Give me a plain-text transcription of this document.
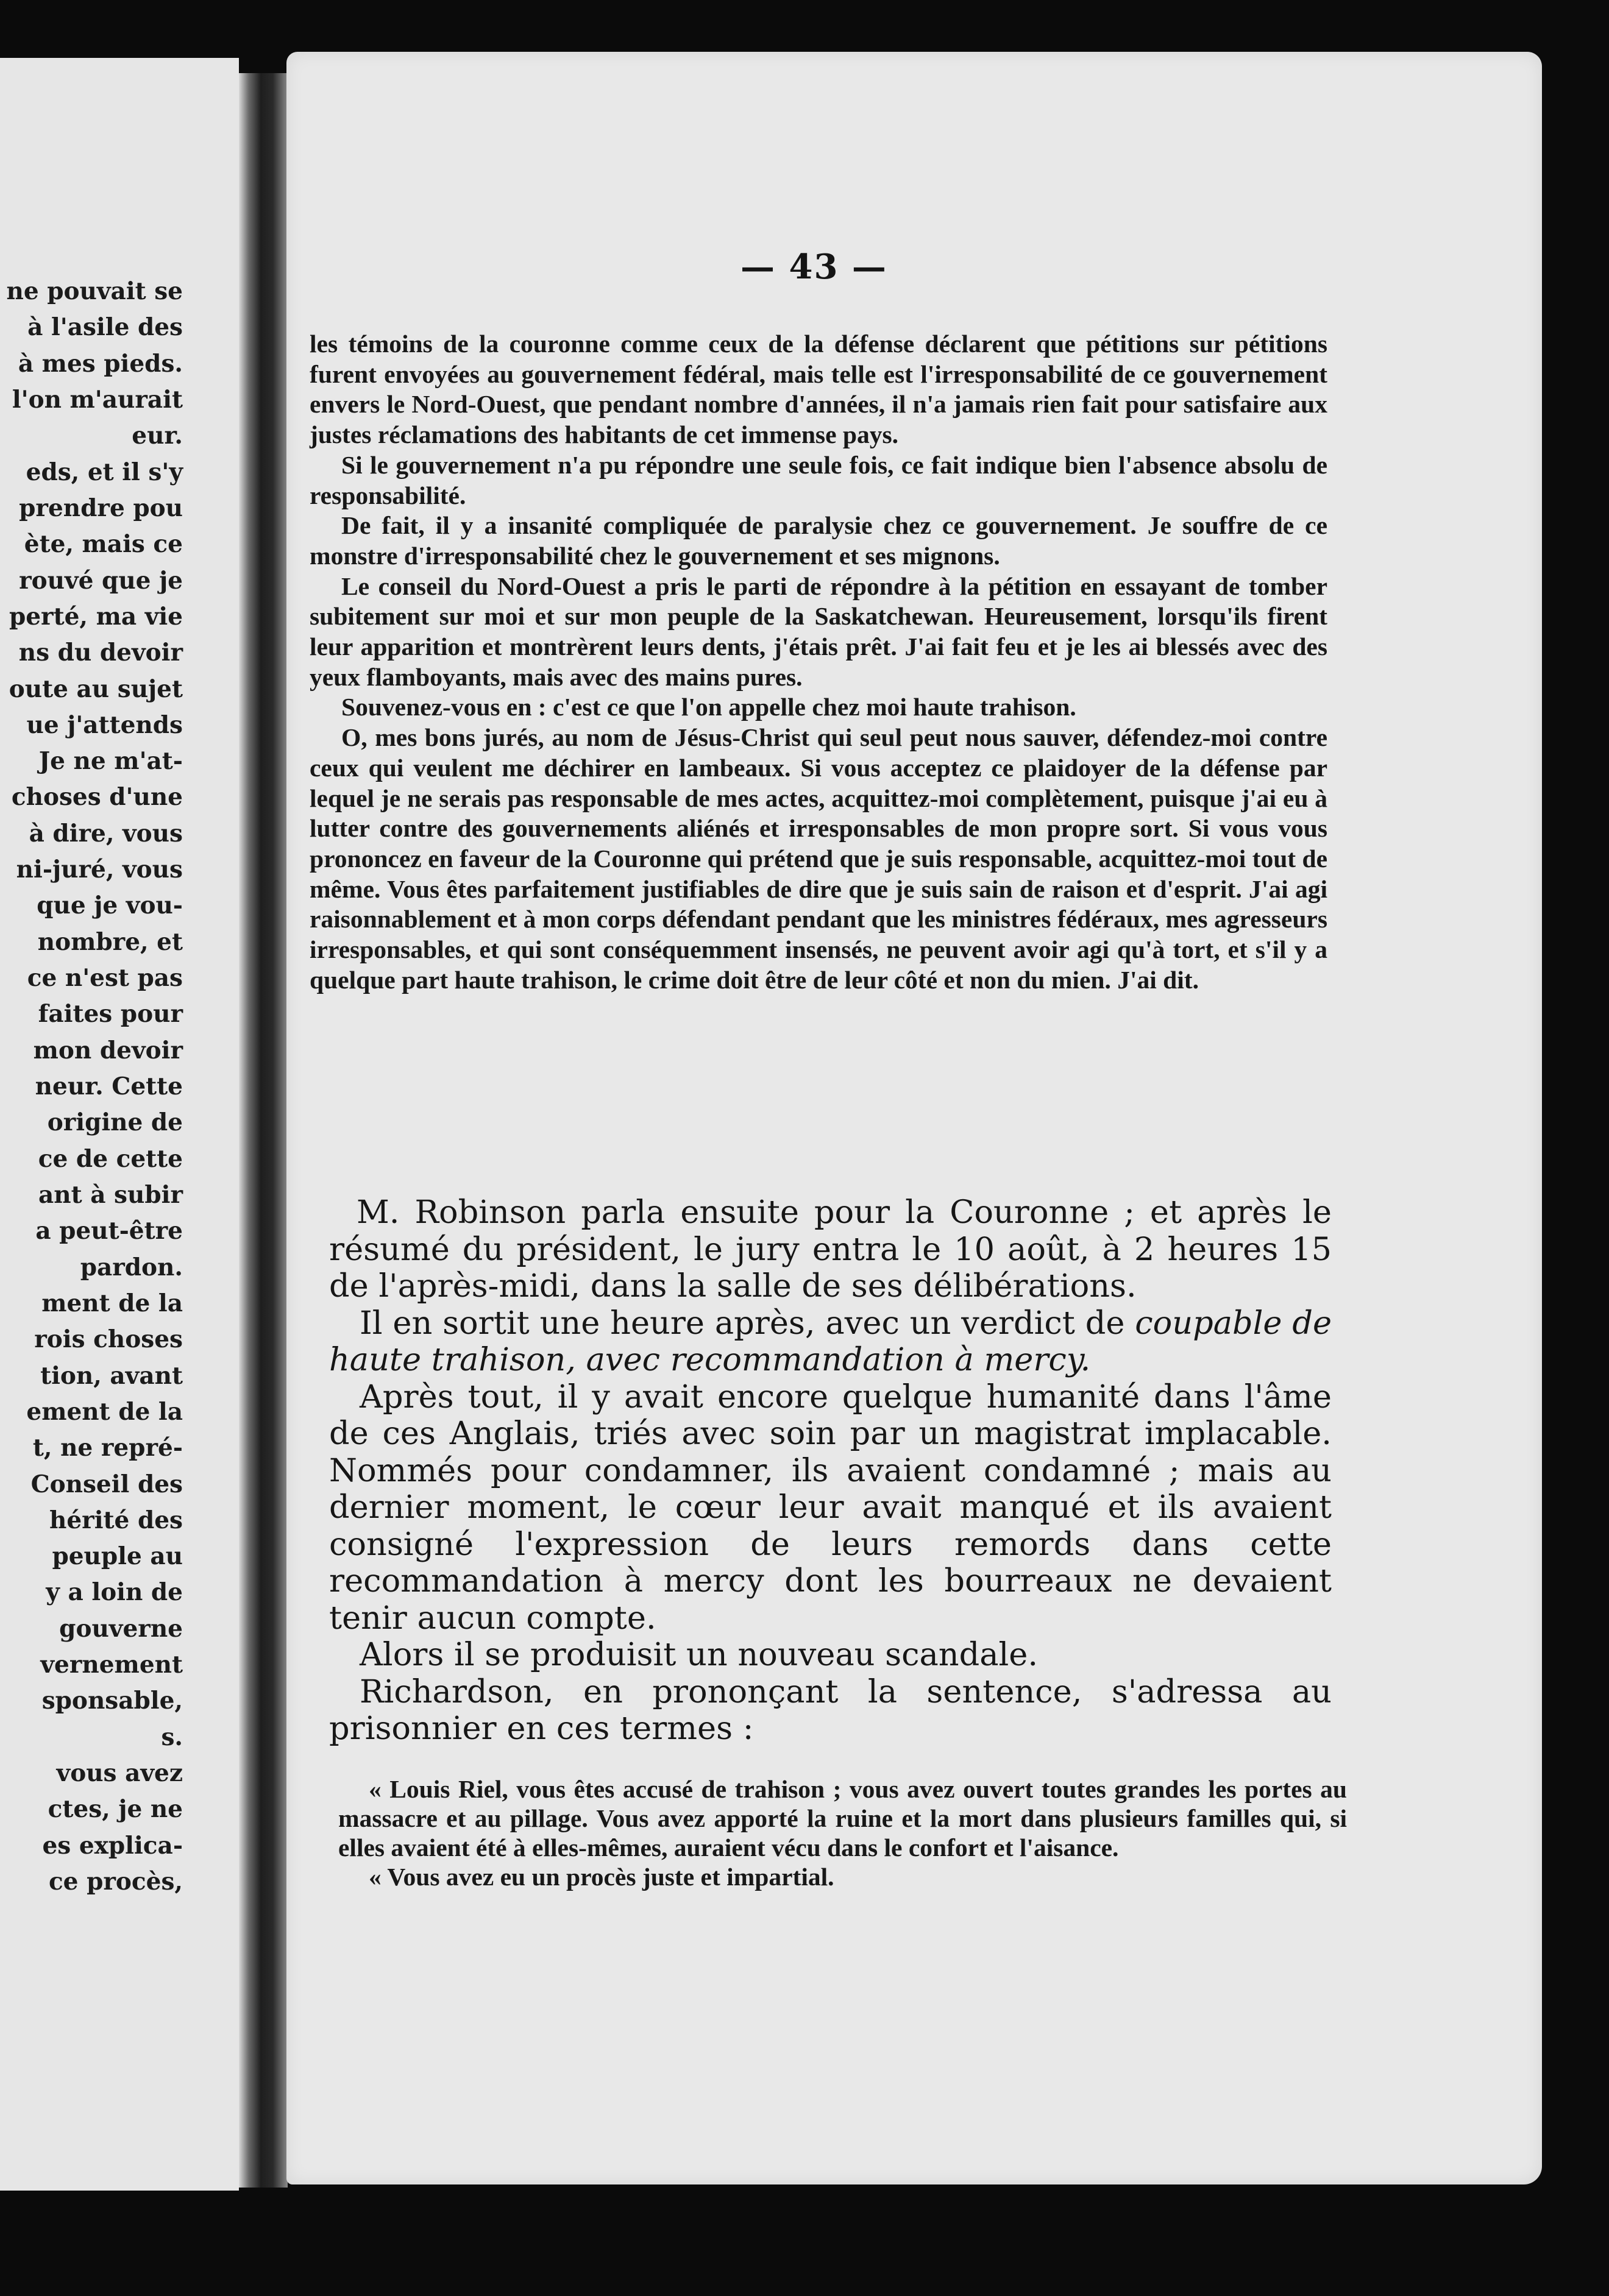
ne pouvait se
à l'asile des
à mes pieds.
l'on m'aurait
eur.
eds, et il s'y
prendre pou
ète, mais ce
rouvé que je
perté, ma vie
ns du devoir
oute au sujet
ue j'attends
Je ne m'at-
choses d'une
à dire, vous
ni-juré, vous
que je vou-
nombre, et
ce n'est pas
faites pour
mon devoir
neur. Cette
origine de
ce de cette
ant à subir
a peut-être
pardon.
ment de la
rois choses
tion, avant
ement de la
t, ne repré-
Conseil des
hérité des
peuple au
y a loin de
gouverne
vernement
sponsable,
s.
vous avez
ctes, je ne
es explica-
ce procès,
— 43 —

les témoins de la couronne comme ceux de la défense déclarent que pétitions sur pétitions furent envoyées au gouvernement fédéral, mais telle est l'irresponsabilité de ce gouvernement envers le Nord-Ouest, que pendant nombre d'années, il n'a jamais rien fait pour satisfaire aux justes réclamations des habitants de cet immense pays.

Si le gouvernement n'a pu répondre une seule fois, ce fait indique bien l'absence absolu de responsabilité.

De fait, il y a insanité compliquée de paralysie chez ce gouvernement. Je souffre de ce monstre d'irresponsabilité chez le gouvernement et ses mignons.

Le conseil du Nord-Ouest a pris le parti de répondre à la pétition en essayant de tomber subitement sur moi et sur mon peuple de la Saskatchewan. Heureusement, lorsqu'ils firent leur apparition et montrèrent leurs dents, j'étais prêt. J'ai fait feu et je les ai blessés avec des yeux flamboyants, mais avec des mains pures.

Souvenez-vous en : c'est ce que l'on appelle chez moi haute trahison.

O, mes bons jurés, au nom de Jésus-Christ qui seul peut nous sauver, défendez-moi contre ceux qui veulent me déchirer en lambeaux. Si vous acceptez ce plaidoyer de la défense par lequel je ne serais pas responsable de mes actes, acquittez-moi complètement, puisque j'ai eu à lutter contre des gouvernements aliénés et irresponsables de mon propre sort. Si vous vous prononcez en faveur de la Couronne qui prétend que je suis responsable, acquittez-moi tout de même. Vous êtes parfaitement justifiables de dire que je suis sain de raison et d'esprit. J'ai agi raisonnablement et à mon corps défendant pendant que les ministres fédéraux, mes agresseurs irresponsables, et qui sont conséquemment insensés, ne peuvent avoir agi qu'à tort, et s'il y a quelque part haute trahison, le crime doit être de leur côté et non du mien. J'ai dit.

M. Robinson parla ensuite pour la Couronne ; et après le résumé du président, le jury entra le 10 août, à 2 heures 15 de l'après-midi, dans la salle de ses délibérations.

Il en sortit une heure après, avec un verdict de coupable de haute trahison, avec recommandation à mercy.

Après tout, il y avait encore quelque humanité dans l'âme de ces Anglais, triés avec soin par un magistrat implacable. Nommés pour condamner, ils avaient condamné ; mais au dernier moment, le cœur leur avait manqué et ils avaient consigné l'expression de leurs remords dans cette recommandation à mercy dont les bourreaux ne devaient tenir aucun compte.

Alors il se produisit un nouveau scandale.

Richardson, en prononçant la sentence, s'adressa au prisonnier en ces termes :

« Louis Riel, vous êtes accusé de trahison ; vous avez ouvert toutes grandes les portes au massacre et au pillage. Vous avez apporté la ruine et la mort dans plusieurs familles qui, si elles avaient été à elles-mêmes, auraient vécu dans le confort et l'aisance.

« Vous avez eu un procès juste et impartial.
